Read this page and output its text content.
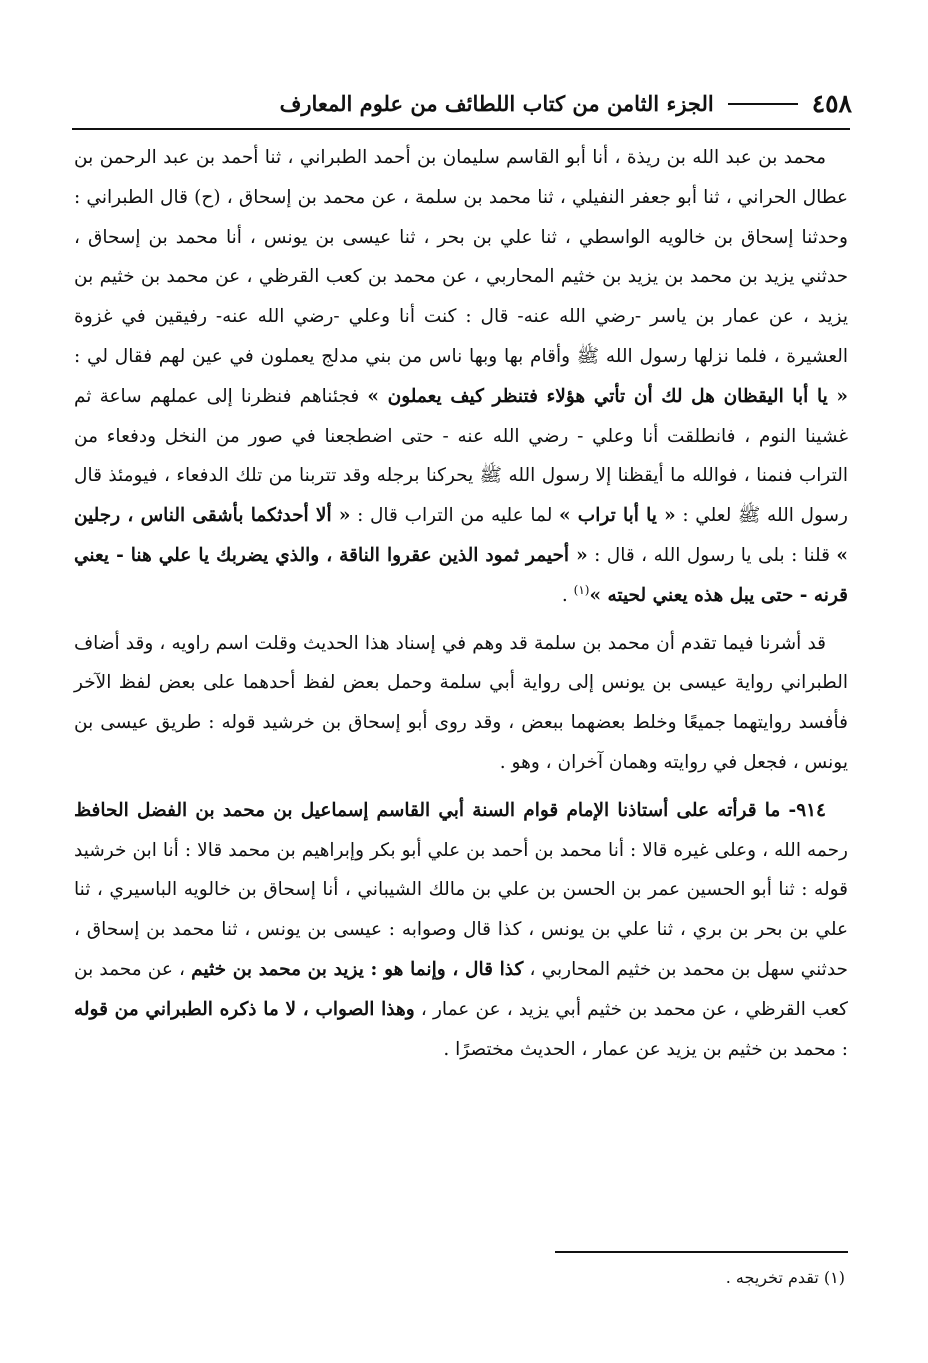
٤٥٨
الجزء الثامن من كتاب اللطائف من علوم المعارف

محمد بن عبد الله بن ريذة ، أنا أبو القاسم سليمان بن أحمد الطبراني ، ثنا أحمد بن عبد الرحمن بن عطال الحراني ، ثنا أبو جعفر النفيلي ، ثنا محمد بن سلمة ، عن محمد بن إسحاق ، (ح) قال الطبراني : وحدثنا إسحاق بن خالويه الواسطي ، ثنا علي بن بحر ، ثنا عيسى بن يونس ، أنا محمد بن إسحاق ، حدثني يزيد بن محمد بن يزيد بن خثيم المحاربي ، عن محمد بن كعب القرظي ، عن محمد بن خثيم بن يزيد ، عن عمار بن ياسر -رضي الله عنه- قال : كنت أنا وعلي -رضي الله عنه- رفيقين في غزوة العشيرة ، فلما نزلها رسول الله ﷺ وأقام بها وبها ناس من بني مدلج يعملون في عين لهم فقال لي : « يا أبا اليقظان هل لك أن تأتي هؤلاء فتنظر كيف يعملون » فجئناهم فنظرنا إلى عملهم ساعة ثم غشينا النوم ، فانطلقت أنا وعلي - رضي الله عنه - حتى اضطجعنا في صور من النخل ودفعاء من التراب فنمنا ، فوالله ما أيقظنا إلا رسول الله ﷺ يحركنا برجله وقد تتربنا من تلك الدفعاء ، فيومئذ قال رسول الله ﷺ لعلي : « يا أبا تراب » لما عليه من التراب قال : « ألا أحدثكما بأشقى الناس ، رجلين » قلنا : بلى يا رسول الله ، قال : « أحيمر ثمود الذين عقروا الناقة ، والذي يضربك يا علي هنا - يعني قرنه - حتى يبل هذه يعني لحيته »$^{(١)}$ .

قد أشرنا فيما تقدم أن محمد بن سلمة قد وهم في إسناد هذا الحديث وقلت اسم راويه ، وقد أضاف الطبراني رواية عيسى بن يونس إلى رواية أبي سلمة وحمل بعض لفظ أحدهما على بعض لفظ الآخر فأفسد روايتهما جميعًا وخلط بعضهما ببعض ، وقد روى أبو إسحاق بن خرشيد قوله : طريق عيسى بن يونس ، فجعل في روايته وهمان آخران ، وهو .

٩١٤- ما قرأته على أستاذنا الإمام قوام السنة أبي القاسم إسماعيل بن محمد بن الفضل الحافظ رحمه الله ، وعلى غيره قالا : أنا محمد بن أحمد بن علي أبو بكر وإبراهيم بن محمد قالا : أنا ابن خرشيد قوله : ثنا أبو الحسين عمر بن الحسن بن علي بن مالك الشيباني ، أنا إسحاق بن خالويه الباسيري ، ثنا علي بن بحر بن بري ، ثنا علي بن يونس ، كذا قال وصوابه : عيسى بن يونس ، ثنا محمد بن إسحاق ، حدثني سهل بن محمد بن خثيم المحاربي ، كذا قال ، وإنما هو : يزيد بن محمد بن خثيم ، عن محمد بن كعب القرظي ، عن محمد بن خثيم أبي يزيد ، عن عمار ، وهذا الصواب ، لا ما ذكره الطبراني من قوله : محمد بن خثيم بن يزيد عن عمار ، الحديث مختصرًا .

(١) تقدم تخريجه .
